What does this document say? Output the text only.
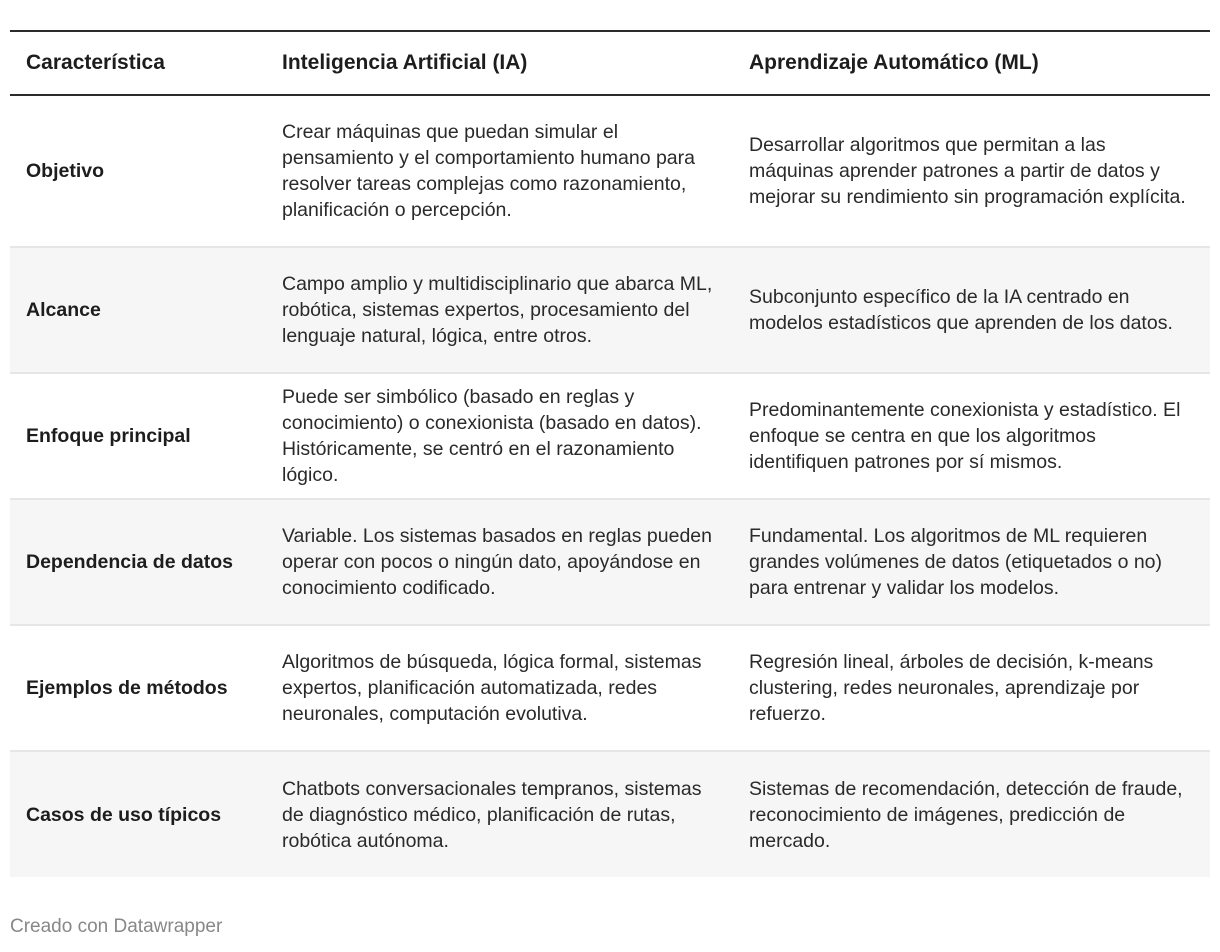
Característica	Inteligencia Artificial (IA)	Aprendizaje Automático (ML)
Objetivo	Crear máquinas que puedan simular el pensamiento y el comportamiento humano para resolver tareas complejas como razonamiento, planificación o percepción.	Desarrollar algoritmos que permitan a las máquinas aprender patrones a partir de datos y mejorar su rendimiento sin programación explícita.
Alcance	Campo amplio y multidisciplinario que abarca ML, robótica, sistemas expertos, procesamiento del lenguaje natural, lógica, entre otros.	Subconjunto específico de la IA centrado en modelos estadísticos que aprenden de los datos.
Enfoque principal	Puede ser simbólico (basado en reglas y conocimiento) o conexionista (basado en datos). Históricamente, se centró en el razonamiento lógico.	Predominantemente conexionista y estadístico. El enfoque se centra en que los algoritmos identifiquen patrones por sí mismos.
Dependencia de datos	Variable. Los sistemas basados en reglas pueden operar con pocos o ningún dato, apoyándose en conocimiento codificado.	Fundamental. Los algoritmos de ML requieren grandes volúmenes de datos (etiquetados o no) para entrenar y validar los modelos.
Ejemplos de métodos	Algoritmos de búsqueda, lógica formal, sistemas expertos, planificación automatizada, redes neuronales, computación evolutiva.	Regresión lineal, árboles de decisión, k-means clustering, redes neuronales, aprendizaje por refuerzo.
Casos de uso típicos	Chatbots conversacionales tempranos, sistemas de diagnóstico médico, planificación de rutas, robótica autónoma.	Sistemas de recomendación, detección de fraude, reconocimiento de imágenes, predicción de mercado.
Creado con Datawrapper
